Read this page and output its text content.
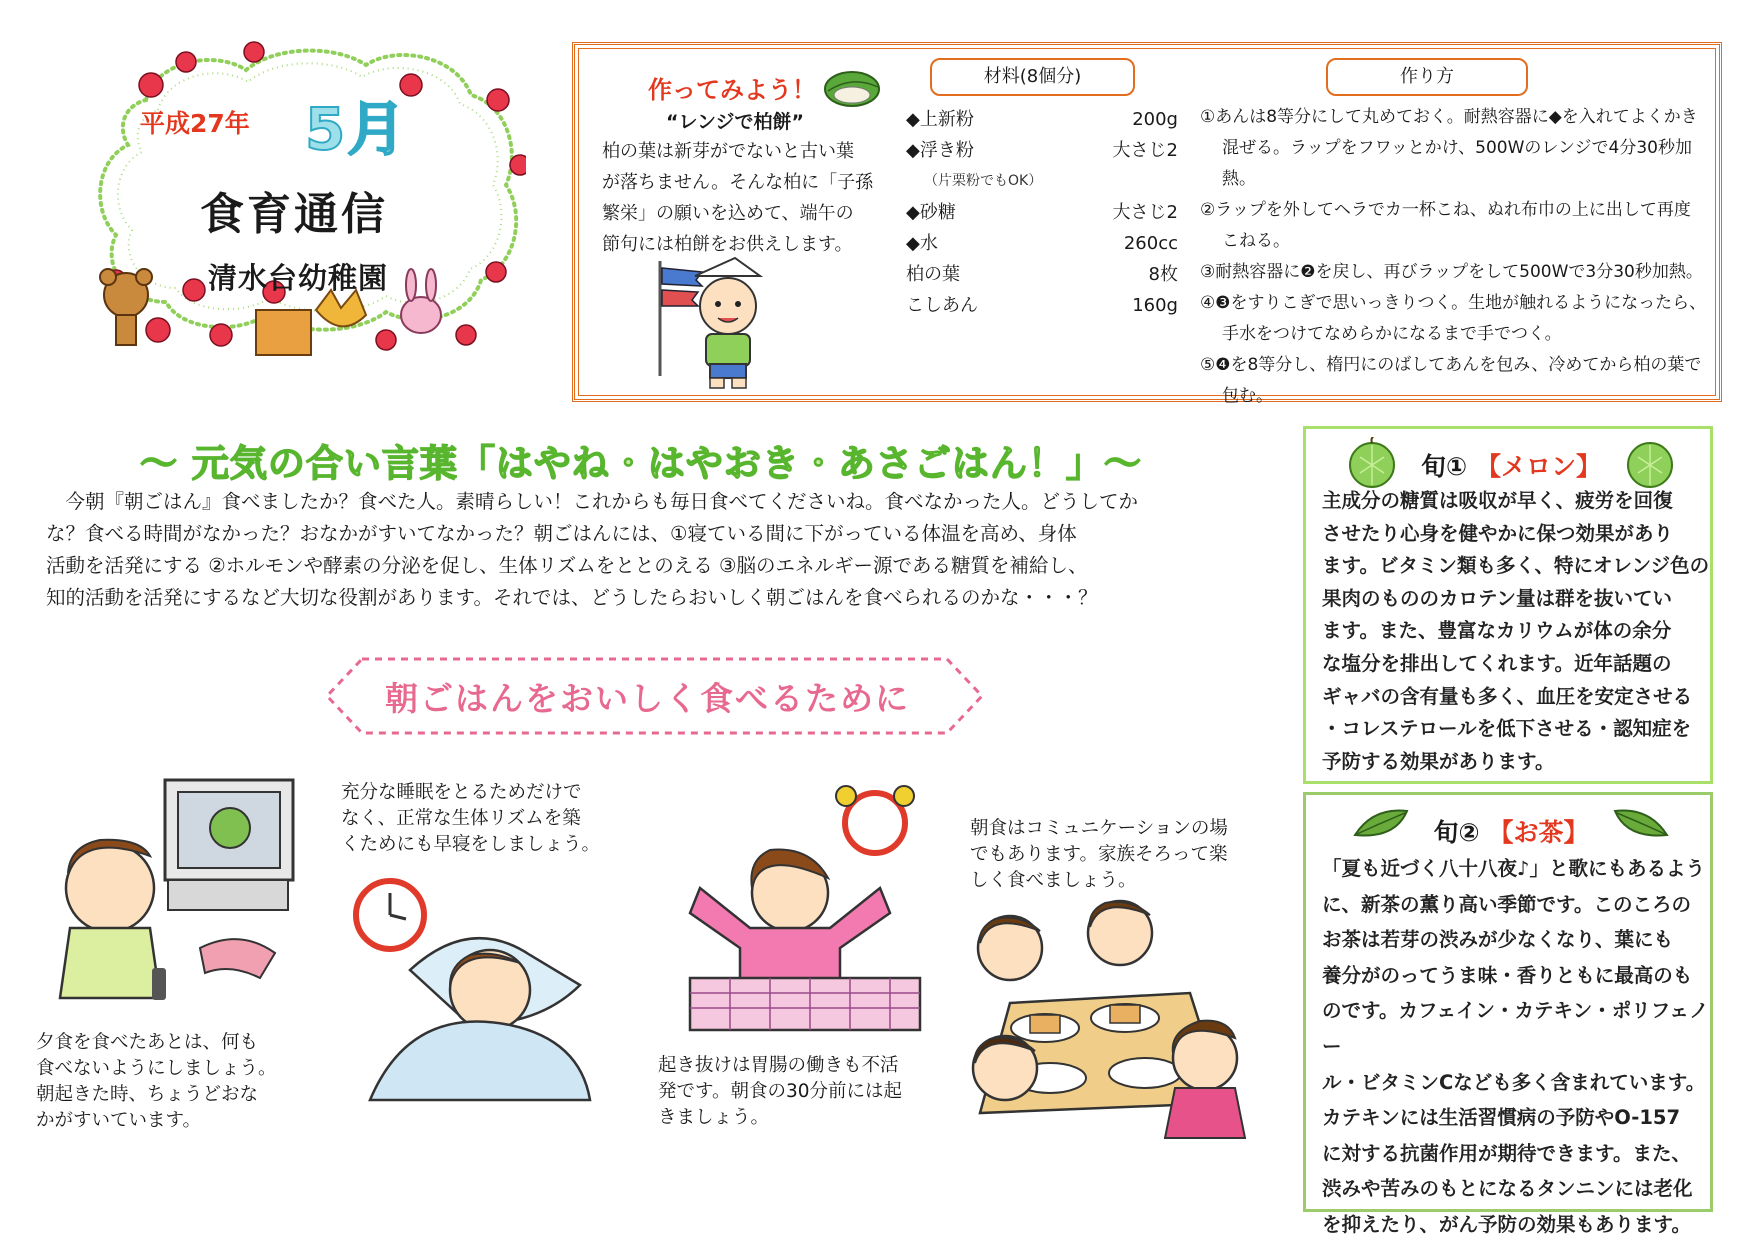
平成27年 5月
食育通信
清水台幼稚園
作ってみよう！
“レンジで柏餅”
柏の葉は新芽がでないと古い葉
が落ちません。そんな柏に「子孫
繁栄」の願いを込めて、端午の
節句には柏餅をお供えします。
材料(8個分)	作り方
◆上新粉	200g
◆浮き粉	大さじ2
（片栗粉でもOK）
◆砂糖	大さじ2
◆水	260cc
柏の葉	8枚
こしあん	160g
①あんは8等分にして丸めておく。耐熱容器に◆を入れてよくかき
混ぜる。ラップをフワッとかけ、500Wのレンジで4分30秒加熱。
②ラップを外してヘラでカ一杯こね、ぬれ布巾の上に出して再度
こねる。
③耐熱容器に❷を戻し、再びラップをして500Wで3分30秒加熱。
④❸をすりこぎで思いっきりつく。生地が触れるようになったら、
手水をつけてなめらかになるまで手でつく。
⑤❹を8等分し、楕円にのばしてあんを包み、冷めてから柏の葉で
包む。
～ 元気の合い言葉「はやね・はやおき・あさごはん！」～
　今朝『朝ごはん』食べましたか？食べた人。素晴らしい！これからも毎日食べてくださいね。食べなかった人。どうしてか
な？食べる時間がなかった？おなかがすいてなかった？朝ごはんには、①寝ている間に下がっている体温を高め、身体
活動を活発にする ②ホルモンや酵素の分泌を促し、生体リズムをととのえる ③脳のエネルギー源である糖質を補給し、
知的活動を活発にするなど大切な役割があります。それでは、どうしたらおいしく朝ごはんを食べられるのかな・・・？
朝ごはんをおいしく食べるために
夕食を食べたあとは、何も
食べないようにしましょう。
朝起きた時、ちょうどおな
かがすいています。
充分な睡眠をとるためだけで
なく、正常な生体リズムを築
くためにも早寝をしましょう。
起き抜けは胃腸の働きも不活
発です。朝食の30分前には起
きましょう。
朝食はコミュニケーションの場
でもあります。家族そろって楽
しく食べましょう。
旬① 【メロン】
主成分の糖質は吸収が早く、疲労を回復
させたり心身を健やかに保つ効果があり
ます。ビタミン類も多く、特にオレンジ色の
果肉のもののカロテン量は群を抜いてい
ます。また、豊富なカリウムが体の余分
な塩分を排出してくれます。近年話題の
ギャバの含有量も多く、血圧を安定させる
・コレステロールを低下させる・認知症を
予防する効果があります。
旬② 【お茶】
「夏も近づく八十八夜♪」と歌にもあるよう
に、新茶の薫り高い季節です。このころの
お茶は若芽の渋みが少なくなり、葉にも
養分がのってうま味・香りともに最高のも
のです。カフェイン・カテキン・ポリフェノー
ル・ビタミンCなども多く含まれています。
カテキンには生活習慣病の予防やO-157
に対する抗菌作用が期待できます。また、
渋みや苦みのもとになるタンニンには老化
を抑えたり、がん予防の効果もあります。
